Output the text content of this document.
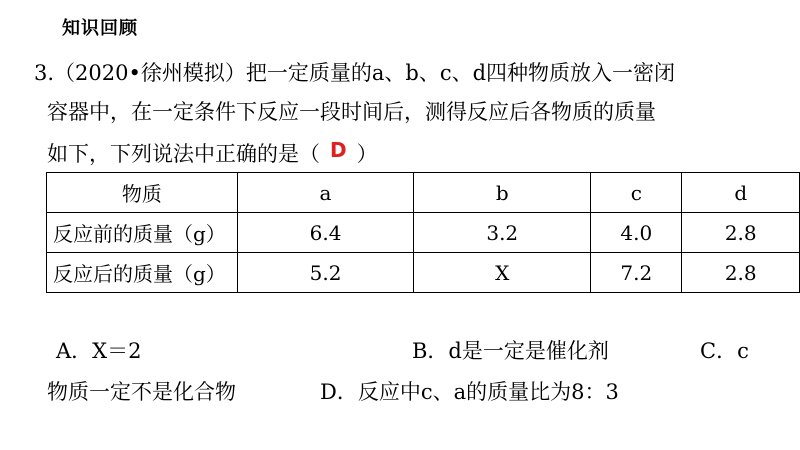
知识回顾
3.（2020•徐州模拟）把一定质量的a、b、c、d四种物质放入一密闭
容器中，在一定条件下反应一段时间后，测得反应后各物质的质量
如下，下列说法中正确的是（ D ）
物质	a	b	c	d
反应前的质量（g）	6.4	3.2	4.0	2.8
反应后的质量（g）	5.2	X	7.2	2.8
A．X＝2	B．d是一定是催化剂	C．c
物质一定不是化合物	D．反应中c、a的质量比为8：3
